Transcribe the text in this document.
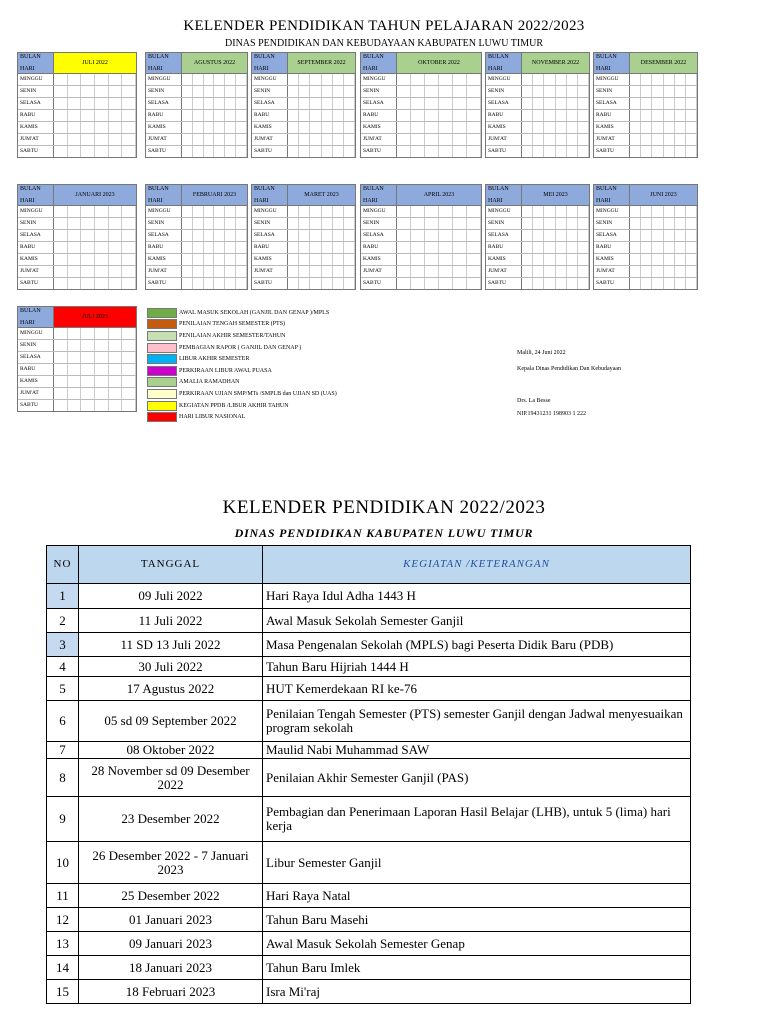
KELENDER PENDIDIKAN TAHUN PELAJARAN 2022/2023
DINAS PENDIDIKAN DAN KEBUDAYAAN KABUPATEN LUWU TIMUR
BULAN
HARI
JULI 2022
MINGGU
SENIN
SELASA
RABU
KAMIS
JUM'AT
SABTU
BULAN
HARI
AGUSTUS 2022
MINGGU
SENIN
SELASA
RABU
KAMIS
JUM'AT
SABTU
BULAN
HARI
SEPTEMBER 2022
MINGGU
SENIN
SELASA
RABU
KAMIS
JUM'AT
SABTU
BULAN
HARI
OKTOBER 2022
MINGGU
SENIN
SELASA
RABU
KAMIS
JUM'AT
SABTU
BULAN
HARI
NOVEMBER 2022
MINGGU
SENIN
SELASA
RABU
KAMIS
JUM'AT
SABTU
BULAN
HARI
DESEMBER 2022
MINGGU
SENIN
SELASA
RABU
KAMIS
JUM'AT
SABTU
BULAN
HARI
JANUARI 2023
MINGGU
SENIN
SELASA
RABU
KAMIS
JUM'AT
SABTU
BULAN
HARI
FEBRUARI 2023
MINGGU
SENIN
SELASA
RABU
KAMIS
JUM'AT
SABTU
BULAN
HARI
MARET 2023
MINGGU
SENIN
SELASA
RABU
KAMIS
JUM'AT
SABTU
BULAN
HARI
APRIL 2023
MINGGU
SENIN
SELASA
RABU
KAMIS
JUM'AT
SABTU
BULAN
HARI
MEI 2023
MINGGU
SENIN
SELASA
RABU
KAMIS
JUM'AT
SABTU
BULAN
HARI
JUNI 2023
MINGGU
SENIN
SELASA
RABU
KAMIS
JUM'AT
SABTU
BULAN
HARI
JULI 2023
MINGGU
SENIN
SELASA
RABU
KAMIS
JUM'AT
SABTU
AWAL MASUK SEKOLAH (GANJIL DAN GENAP )/MPLS
PENILAIAN TENGAH SEMESTER (PTS)
PENILAIAN AKHIR SEMESTER/TAHUN
PEMBAGIAN RAPOR ( GANJIL DAN GENAP )
LIBUR AKHIR SEMESTER
PERKIRAAN LIBUR AWAL PUASA
AMALIA RAMADHAN
PERKIRAAN UJIAN SMP/MTs /SMPLB dan UJIAN SD (UAS)
KEGIATAN PPDB /LIBUR AKHIR TAHUN
HARI LIBUR NASIONAL
Malili, 24 Juni 2022
Kepala Dinas Pendidikan Dan Kebudayaan
Drs. La Besse
NIP.19431231 198903 1 222
KELENDER PENDIDIKAN 2022/2023
DINAS PENDIDIKAN KABUPATEN LUWU TIMUR
NO	TANGGAL	KEGIATAN /KETERANGAN
1	09 Juli 2022	Hari Raya Idul Adha 1443 H
2	11 Juli 2022	Awal Masuk Sekolah Semester Ganjil
3	11 SD 13 Juli 2022	Masa Pengenalan Sekolah (MPLS) bagi Peserta Didik Baru (PDB)
4	30 Juli 2022	Tahun Baru Hijriah 1444 H
5	17 Agustus 2022	HUT Kemerdekaan RI ke-76
6	05 sd 09 September 2022	Penilaian Tengah Semester (PTS) semester Ganjil dengan Jadwal menyesuaikan program sekolah
7	08 Oktober 2022	Maulid Nabi Muhammad SAW
8	28 November sd 09 Desember 2022	Penilaian Akhir Semester Ganjil (PAS)
9	23 Desember 2022	Pembagian dan Penerimaan Laporan Hasil Belajar (LHB), untuk 5 (lima) hari kerja
10	26 Desember 2022 - 7 Januari 2023	Libur Semester Ganjil
11	25 Desember 2022	Hari Raya Natal
12	01 Januari 2023	Tahun Baru Masehi
13	09 Januari 2023	Awal Masuk Sekolah Semester Genap
14	18 Januari 2023	Tahun Baru Imlek
15	18 Februari 2023	Isra Mi'raj
